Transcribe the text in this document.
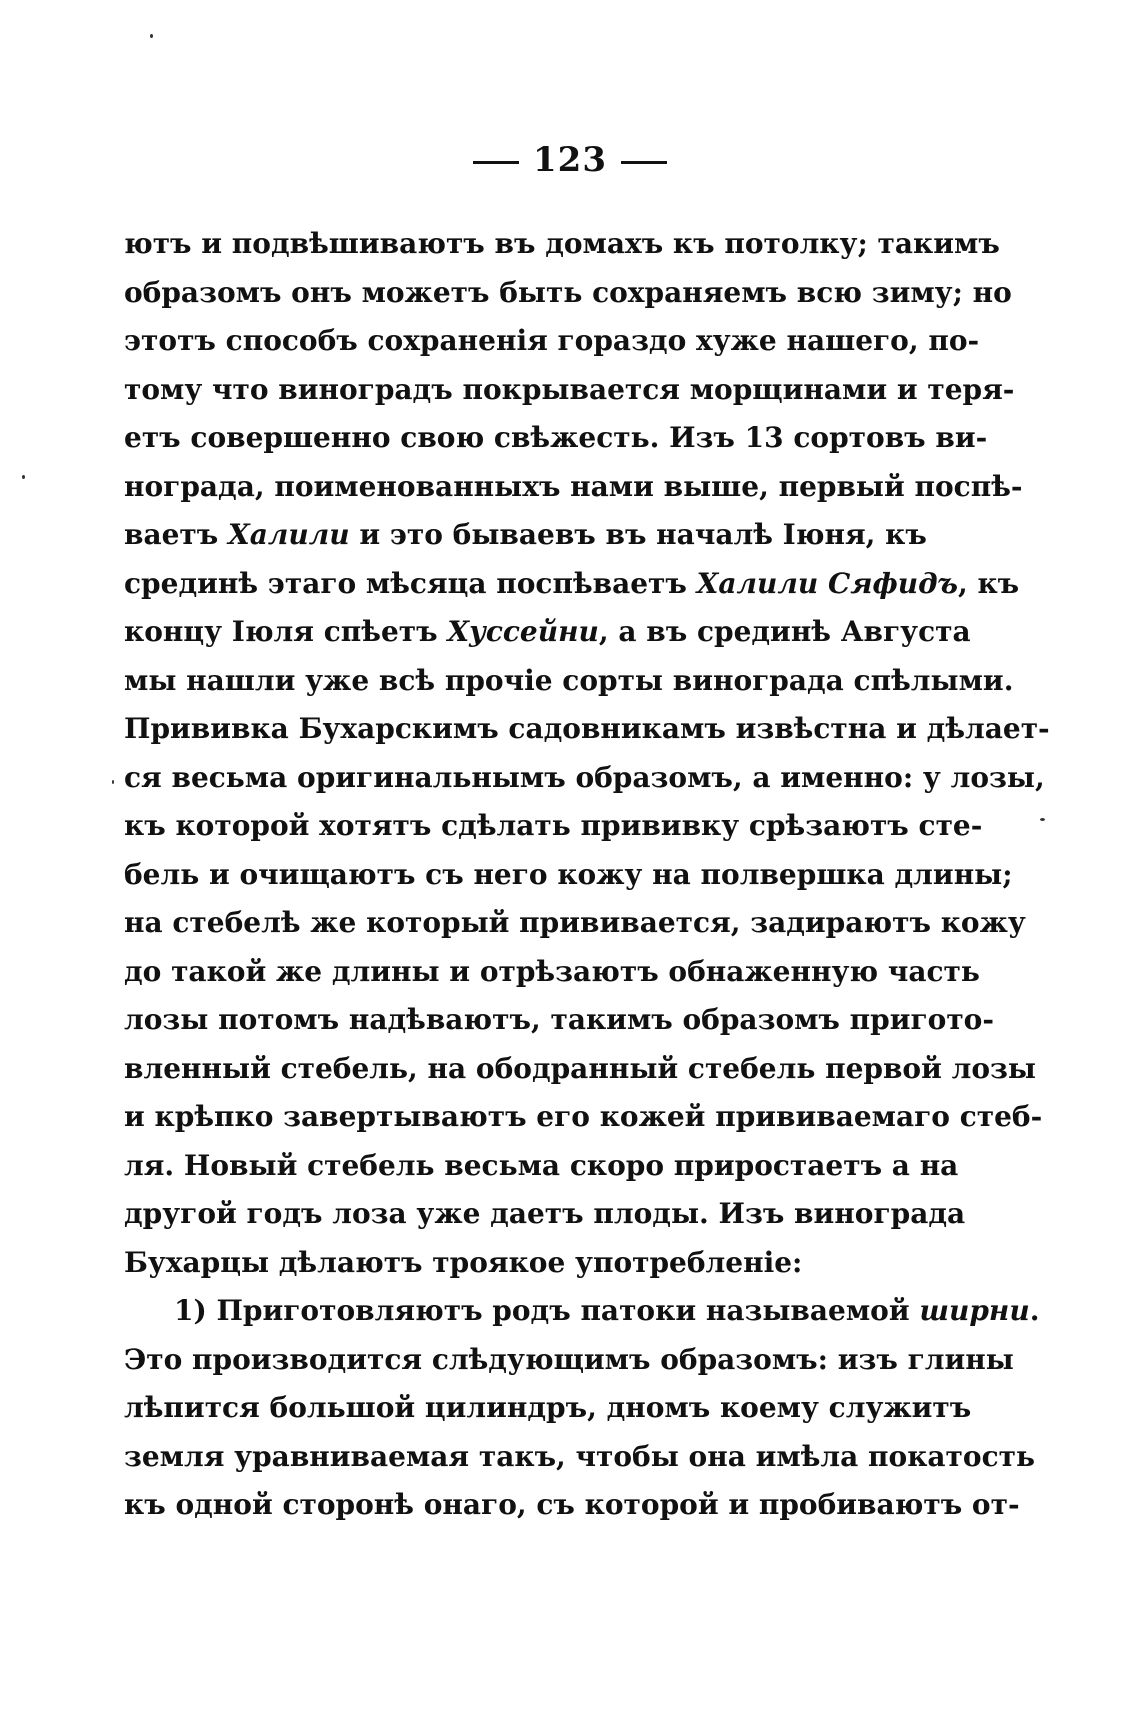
123
ютъ и подвѣшиваютъ въ домахъ къ потолку; такимъ
образомъ онъ можетъ быть сохраняемъ всю зиму; но
этотъ способъ сохраненія гораздо хуже нашего, по-
тому что виноградъ покрывается морщинами и теря-
етъ совершенно свою свѣжесть. Изъ 13 сортовъ ви-
нограда, поименованныхъ нами выше, первый поспѣ-
ваетъ Халили и это бываевъ въ началѣ Іюня, къ
срединѣ этаго мѣсяца поспѣваетъ Халили Сяфидъ, къ
концу Іюля спѣетъ Хуссейни, а въ срединѣ Августа
мы нашли уже всѣ прочіе сорты винограда спѣлыми.
Прививка Бухарскимъ садовникамъ извѣстна и дѣлает-
ся весьма оригинальнымъ образомъ, а именно: у лозы,
къ которой хотятъ сдѣлать прививку срѣзаютъ сте-
бель и очищаютъ съ него кожу на полвершка длины;
на стебелѣ же который прививается, задираютъ кожу
до такой же длины и отрѣзаютъ обнаженную часть
лозы потомъ надѣваютъ, такимъ образомъ пригото-
вленный стебель, на ободранный стебель первой лозы
и крѣпко завертываютъ его кожей прививаемаго стеб-
ля. Новый стебель весьма скоро приростаетъ а на
другой годъ лоза уже даетъ плоды. Изъ винограда
Бухарцы дѣлаютъ троякое употребленіе:
1) Приготовляютъ родъ патоки называемой ширни.
Это производится слѣдующимъ образомъ: изъ глины
лѣпится большой цилиндръ, дномъ коему служитъ
земля уравниваемая такъ, чтобы она имѣла покатость
къ одной сторонѣ онаго, съ которой и пробиваютъ от-
